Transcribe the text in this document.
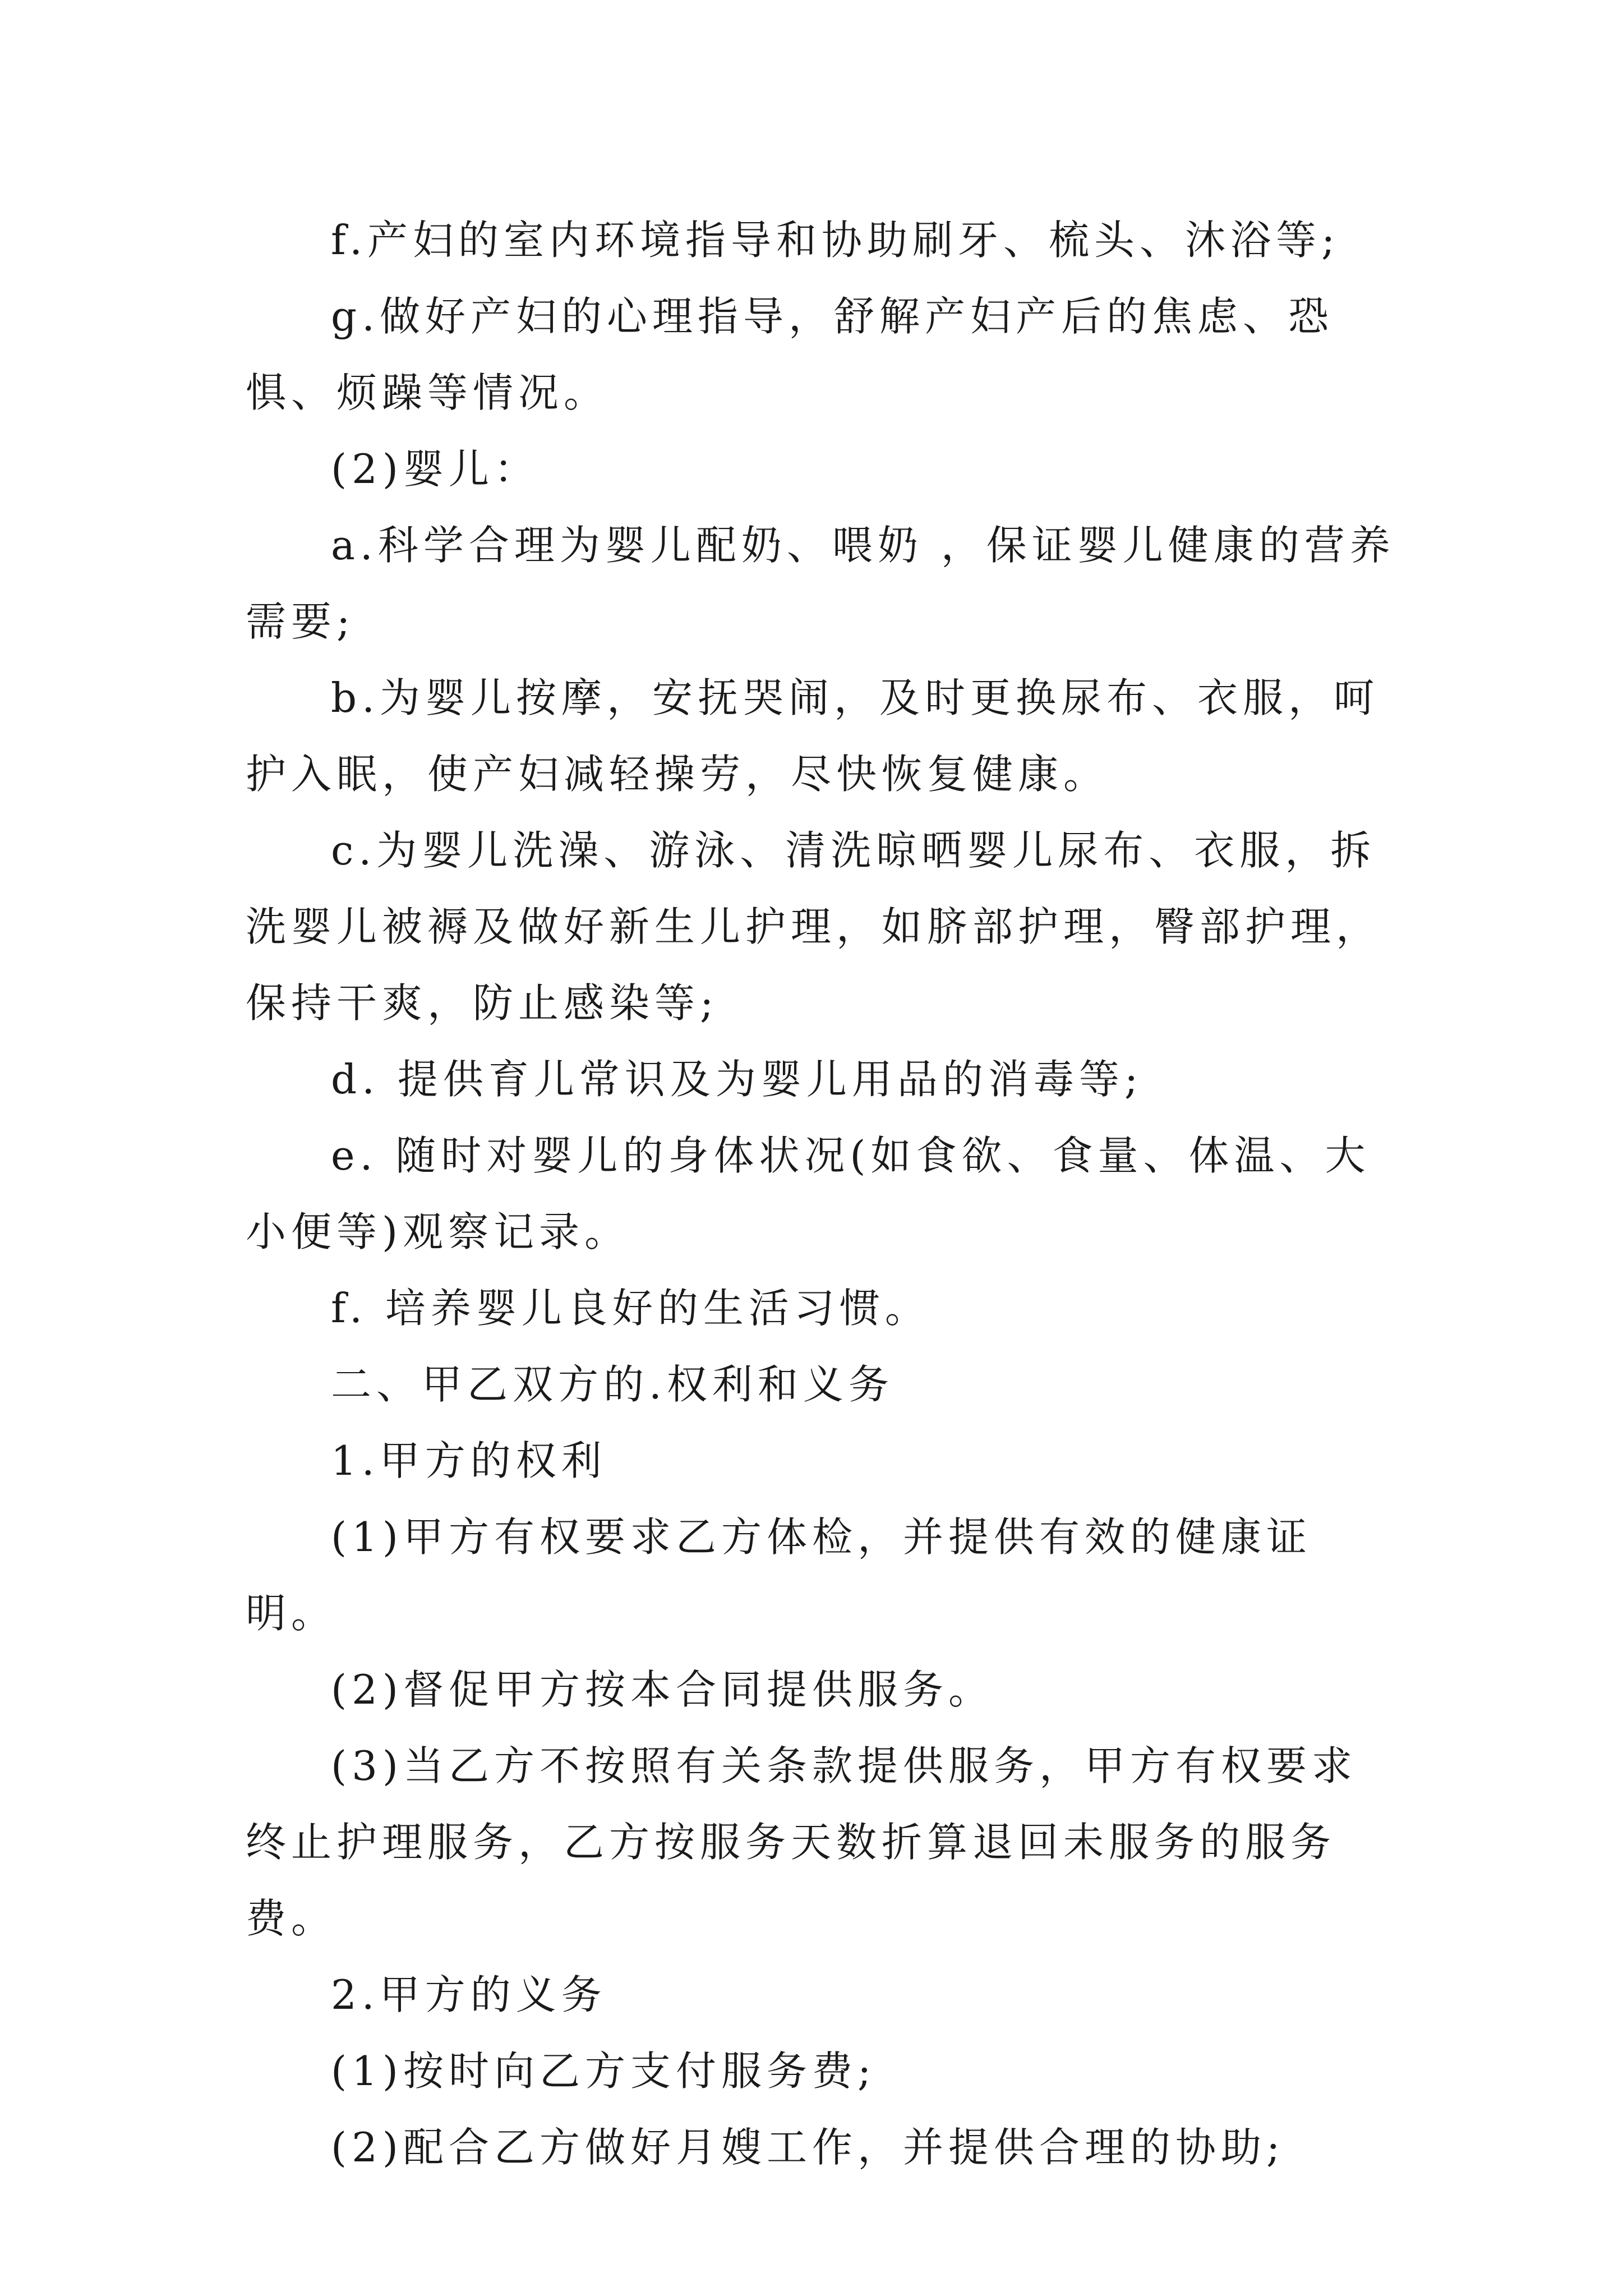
f.产妇的室内环境指导和协助刷牙、梳头、沐浴等;

g.做好产妇的心理指导，舒解产妇产后的焦虑、恐惧、烦躁等情况。

(2)婴儿：

a.科学合理为婴儿配奶、喂奶 ，保证婴儿健康的营养需要;

b.为婴儿按摩，安抚哭闹，及时更换尿布、衣服，呵护入眠，使产妇减轻操劳，尽快恢复健康。

c.为婴儿洗澡、游泳、清洗晾晒婴儿尿布、衣服，拆洗婴儿被褥及做好新生儿护理，如脐部护理，臀部护理，保持干爽，防止感染等;

d. 提供育儿常识及为婴儿用品的消毒等;

e. 随时对婴儿的身体状况(如食欲、食量、体温、大小便等)观察记录。

f. 培养婴儿良好的生活习惯。

二、甲乙双方的.权利和义务

1.甲方的权利

(1)甲方有权要求乙方体检，并提供有效的健康证明。

(2)督促甲方按本合同提供服务。

(3)当乙方不按照有关条款提供服务，甲方有权要求终止护理服务，乙方按服务天数折算退回未服务的服务费。

2.甲方的义务

(1)按时向乙方支付服务费;

(2)配合乙方做好月嫂工作，并提供合理的协助;
